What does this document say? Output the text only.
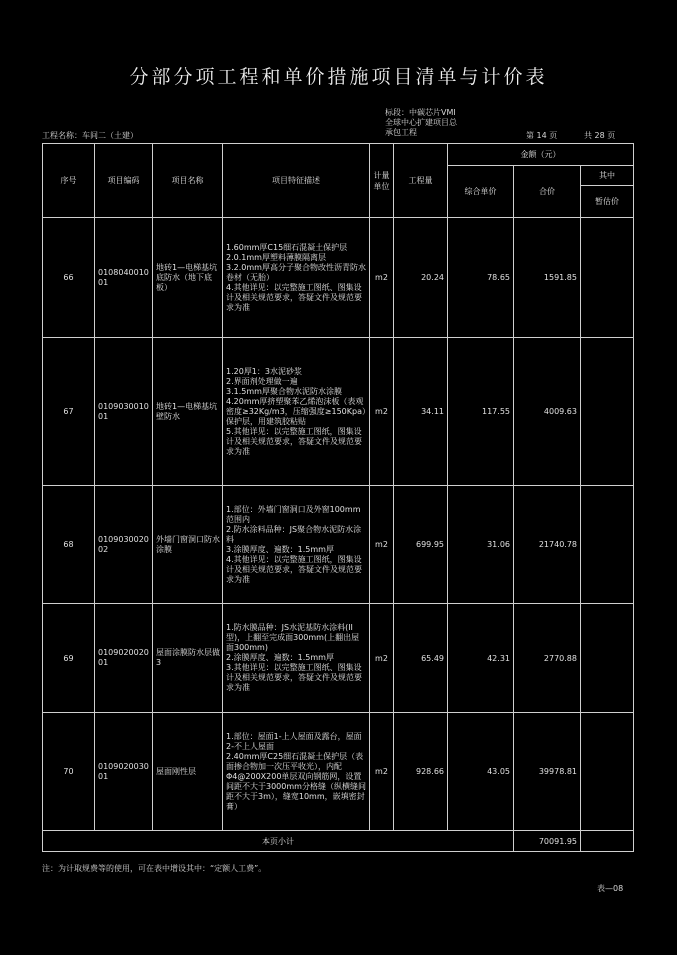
分部分项工程和单价措施项目清单与计价表
标段：中碳芯片VMI
全球中心扩建项目总
承包工程
工程名称：车间二（土建）	第 14 页	共 28 页
序号	项目编码	项目名称	项目特征描述	计量单位	工程量	金额（元）		
						综合单价	合价	其中
								暂估价
66	010804001001	地砖1—电梯基坑底防水（地下底板）	1.60mm厚C15细石混凝土保护层
2.0.1mm厚塑料薄膜隔离层
3.2.0mm厚高分子聚合物改性沥青防水卷材（无胎）
4.其他详见：以完整施工图纸、图集设计及相关规范要求，答疑文件及规范要求为准	m2	20.24	78.65	1591.85	
67	010903001001	地砖1—电梯基坑壁防水	1.20厚1：3水泥砂浆
2.界面剂处理做一遍
3.1.5mm厚聚合物水泥防水涂膜
4.20mm厚挤塑聚苯乙烯泡沫板（表观密度≥32Kg/m3，压缩强度≥150Kpa）保护层，用建筑胶粘贴
5.其他详见：以完整施工图纸，图集设计及相关规范要求，答疑文件及规范要求为准	m2	34.11	117.55	4009.63	
68	010903002002	外墙门窗洞口防水涂膜	1.部位：外墙门窗洞口及外窗100mm范围内
2.防水涂料品种：JS聚合物水泥防水涂料
3.涂膜厚度、遍数：1.5mm厚
4.其他详见：以完整施工图纸，图集设计及相关规范要求，答疑文件及规范要求为准	m2	699.95	31.06	21740.78	
69	010902002001	屋面涂膜防水层做3	1.防水膜品种：JS水泥基防水涂料(II型)，上翻至完成面300mm(上翻出屋面300mm)
2.涂膜厚度、遍数：1.5mm厚
3.其他详见：以完整施工图纸、图集设计及相关规范要求，答疑文件及规范要求为准	m2	65.49	42.31	2770.88	
70	010902003001	屋面刚性层	1.部位：屋面1-上人屋面及露台，屋面2-不上人屋面
2.40mm厚C25细石混凝土保护层（表面掺合物加一次压平收光），内配Φ4@200X200单层双向钢筋网，设置间距不大于3000mm分格缝（纵横缝间距不大于3m），缝宽10mm，嵌填密封膏）	m2	928.66	43.05	39978.81	
本页小计							70091.95	
注：为计取规费等的使用，可在表中增设其中：“定额人工费”。
表—08
